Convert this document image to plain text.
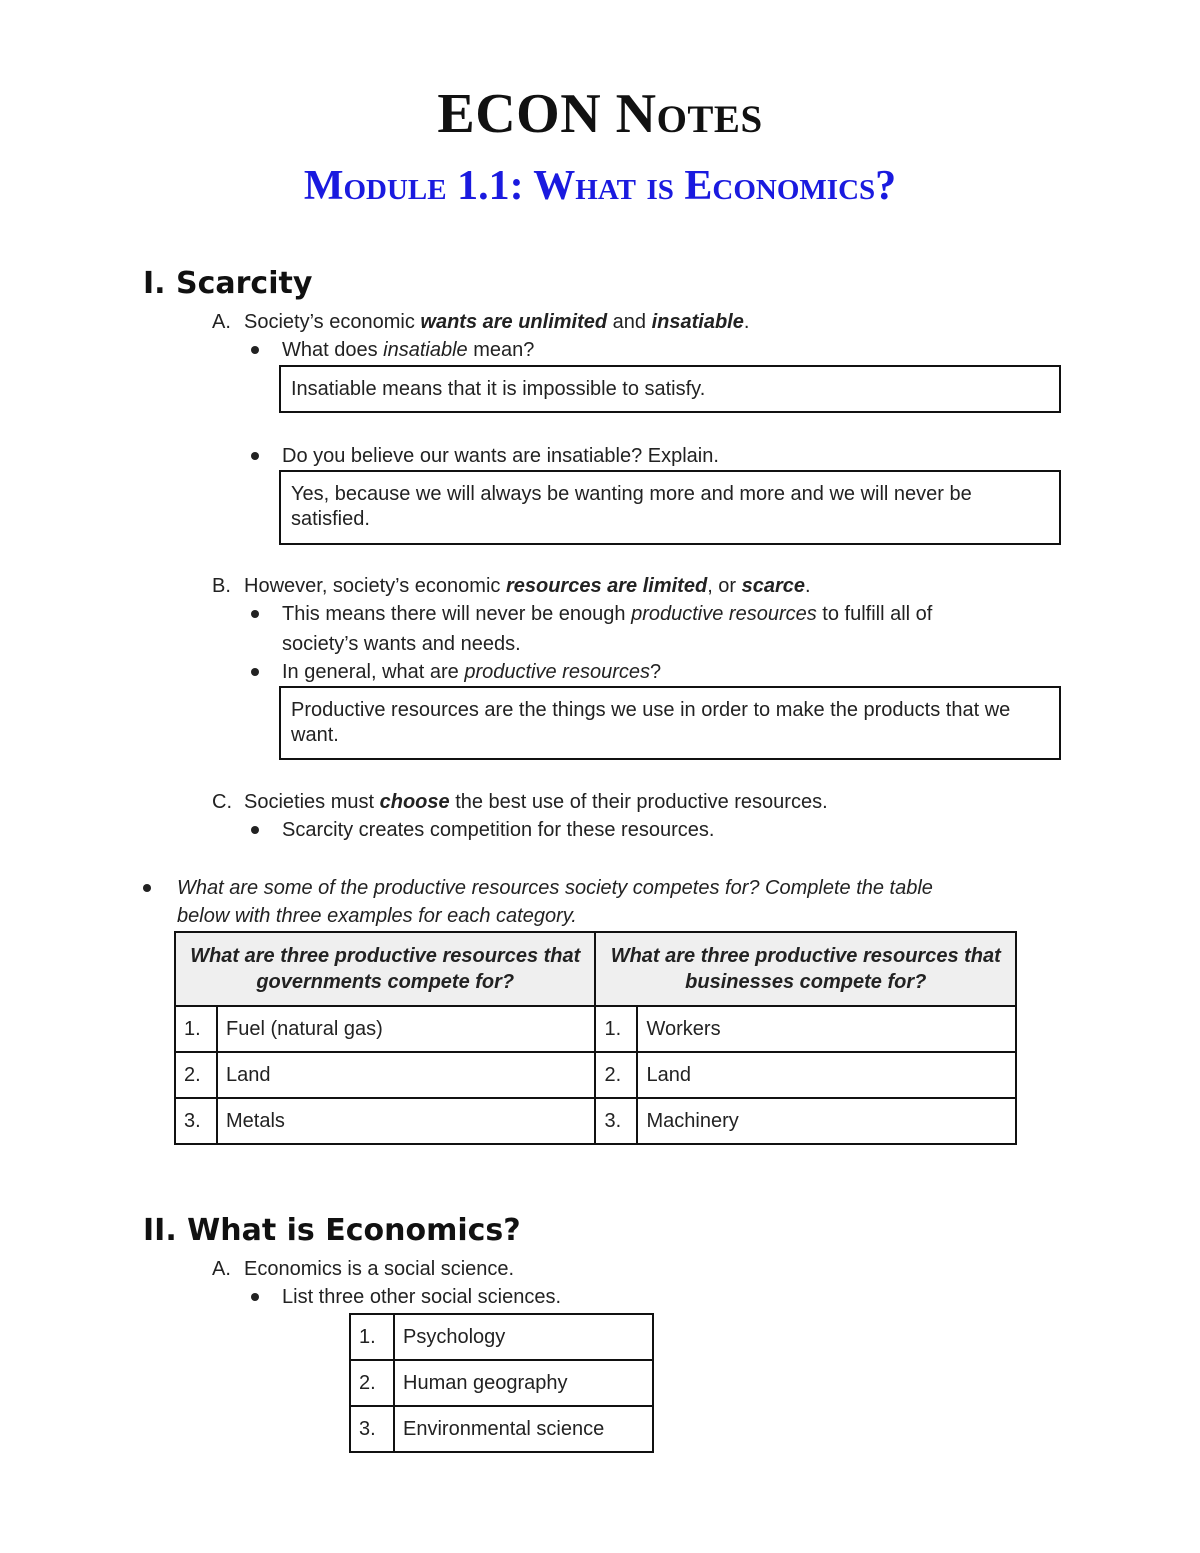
ECON Notes
Module 1.1: What is Economics?
I. Scarcity
A. Society’s economic wants are unlimited and insatiable.
What does insatiable mean?
Insatiable means that it is impossible to satisfy.
Do you believe our wants are insatiable? Explain.
Yes, because we will always be wanting more and more and we will never be satisfied.
B. However, society’s economic resources are limited, or scarce.
This means there will never be enough productive resources to fulfill all of
society’s wants and needs.
In general, what are productive resources?
Productive resources are the things we use in order to make the products that we want.
C. Societies must choose the best use of their productive resources.
Scarcity creates competition for these resources.
What are some of the productive resources society competes for? Complete the table
below with three examples for each category.
What are three productive resources that governments compete for?		What are three productive resources that businesses compete for?	
1.	Fuel (natural gas)	1.	Workers
2.	Land	2.	Land
3.	Metals	3.	Machinery
II. What is Economics?
A. Economics is a social science.
List three other social sciences.
1.	Psychology
2.	Human geography
3.	Environmental science
